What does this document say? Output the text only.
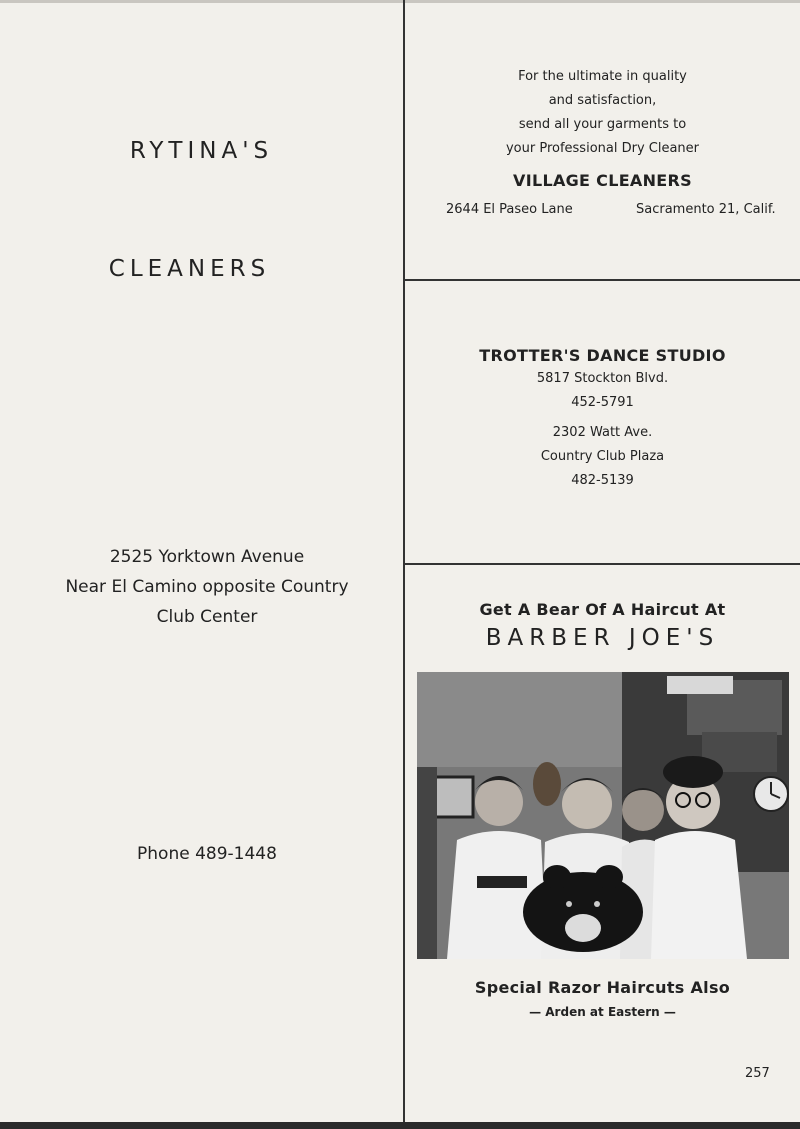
RYTINA'S
CLEANERS
2525 Yorktown Avenue
Near El Camino opposite Country
Club Center
Phone 489-1448
For the ultimate in quality
and satisfaction,
send all your garments to
your Professional Dry Cleaner
VILLAGE CLEANERS
2644 El Paseo Lane	Sacramento 21, Calif.
TROTTER'S DANCE STUDIO
5817 Stockton Blvd.
452-5791
2302 Watt Ave.
Country Club Plaza
482-5139
Get A Bear Of A Haircut At
BARBER JOE'S
Special Razor Haircuts Also
— Arden at Eastern —
257
